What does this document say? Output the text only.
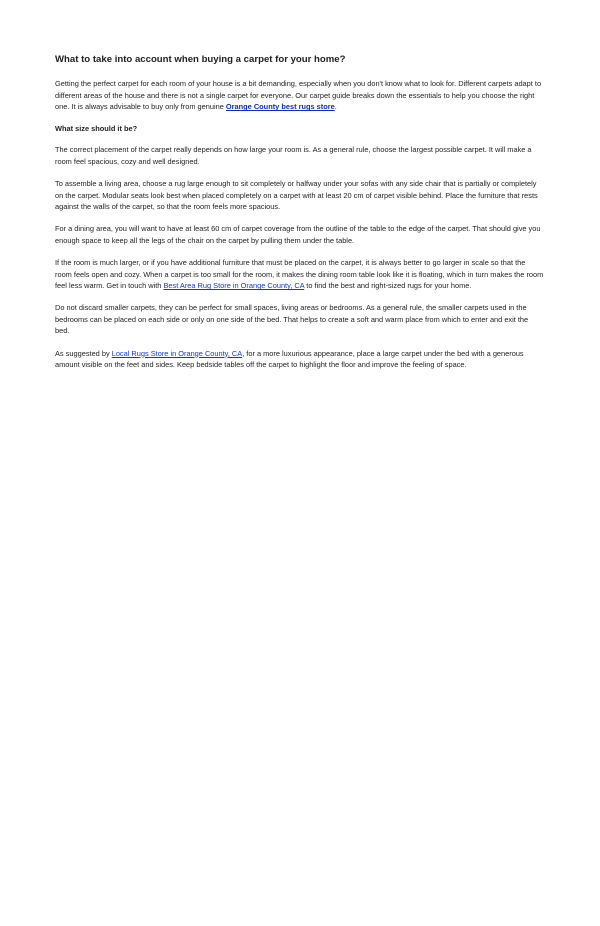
What to take into account when buying a carpet for your home?

Getting the perfect carpet for each room of your house is a bit demanding, especially when you don't know what to look for. Different carpets adapt to different areas of the house and there is not a single carpet for everyone. Our carpet guide breaks down the essentials to help you choose the right one. It is always advisable to buy only from genuine Orange County best rugs store.

What size should it be?

The correct placement of the carpet really depends on how large your room is. As a general rule, choose the largest possible carpet. It will make a room feel spacious, cozy and well designed.

To assemble a living area, choose a rug large enough to sit completely or halfway under your sofas with any side chair that is partially or completely on the carpet. Modular seats look best when placed completely on a carpet with at least 20 cm of carpet visible behind. Place the furniture that rests against the walls of the carpet, so that the room feels more spacious.

For a dining area, you will want to have at least 60 cm of carpet coverage from the outline of the table to the edge of the carpet. That should give you enough space to keep all the legs of the chair on the carpet by pulling them under the table.

If the room is much larger, or if you have additional furniture that must be placed on the carpet, it is always better to go larger in scale so that the room feels open and cozy. When a carpet is too small for the room, it makes the dining room table look like it is floating, which in turn makes the room feel less warm. Get in touch with Best Area Rug Store in Orange County, CA to find the best and right-sized rugs for your home.

Do not discard smaller carpets, they can be perfect for small spaces, living areas or bedrooms. As a general rule, the smaller carpets used in the bedrooms can be placed on each side or only on one side of the bed. That helps to create a soft and warm place from which to enter and exit the bed.

As suggested by Local Rugs Store in Orange County, CA, for a more luxurious appearance, place a large carpet under the bed with a generous amount visible on the feet and sides. Keep bedside tables off the carpet to highlight the floor and improve the feeling of space.
